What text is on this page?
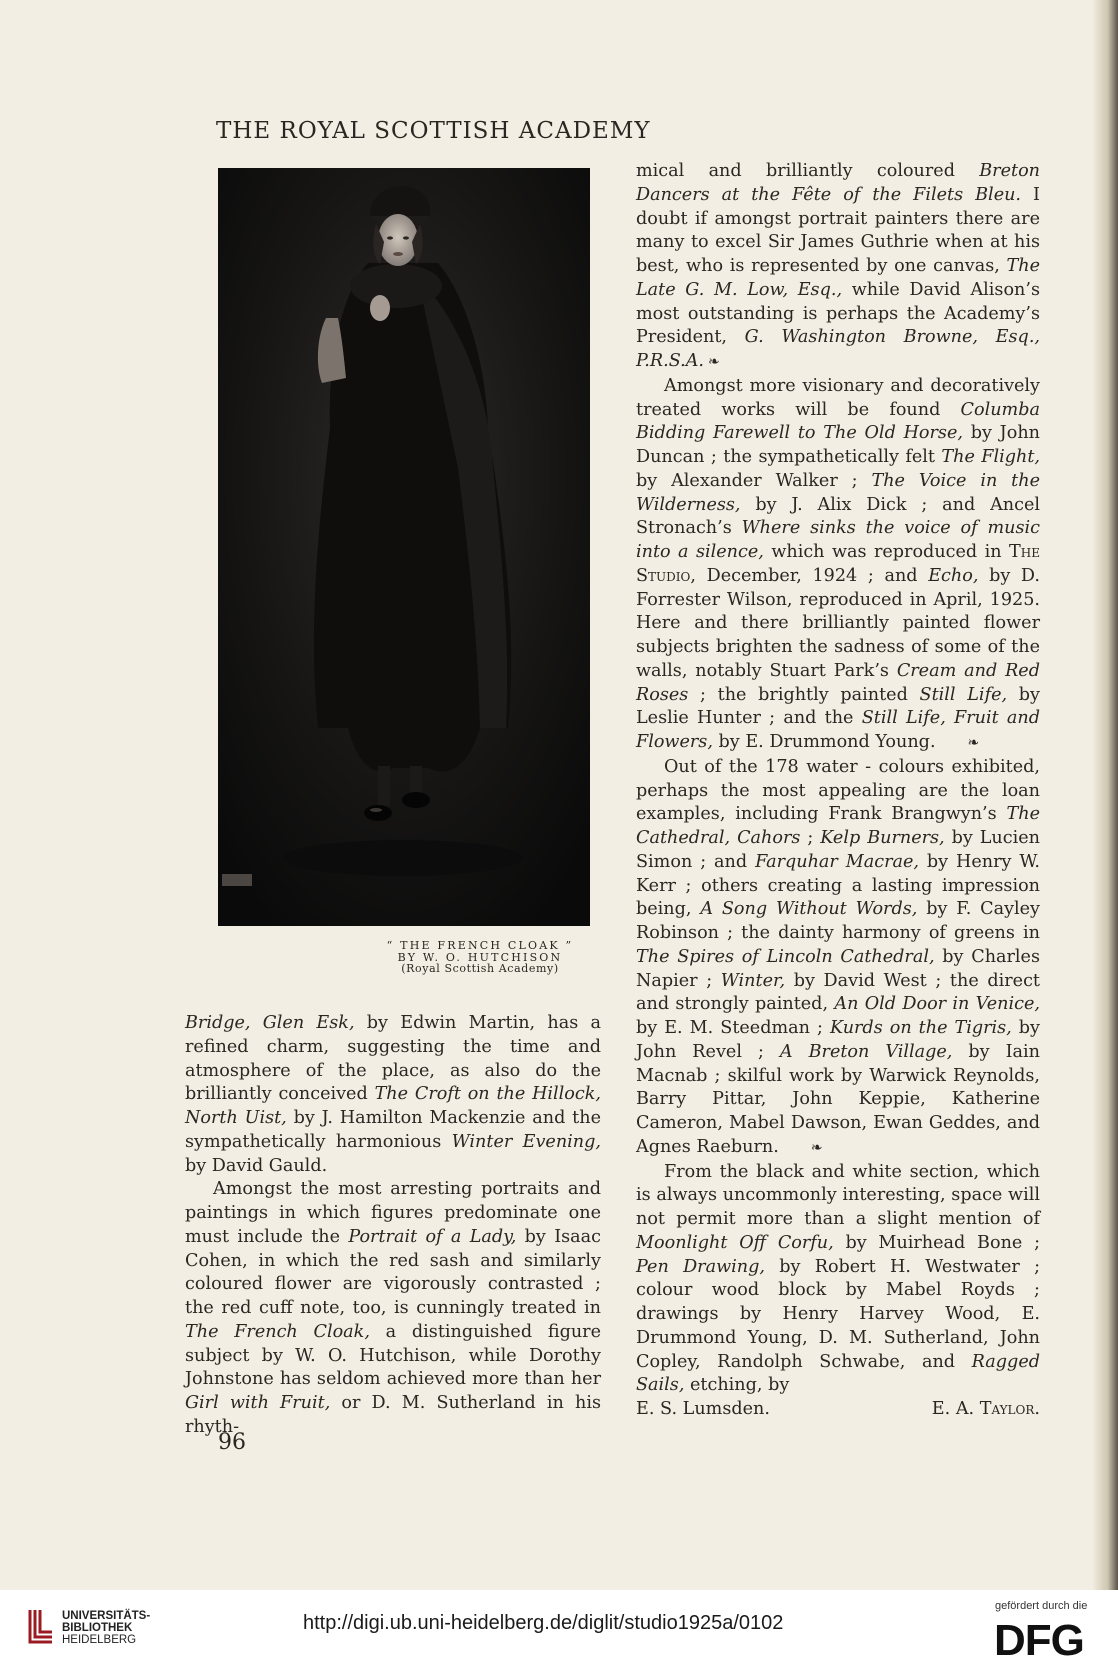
THE ROYAL SCOTTISH ACADEMY
“ THE FRENCH CLOAK ”
BY W. O. HUTCHISON
(Royal Scottish Academy)

Bridge, Glen Esk, by Edwin Martin, has a refined charm, suggesting the time and atmosphere of the place, as also do the brilliantly conceived The Croft on the Hillock, North Uist, by J. Hamilton Mackenzie and the sympathetically harmonious Winter Evening, by David Gauld.

Amongst the most arresting portraits and paintings in which figures predominate one must include the Portrait of a Lady, by Isaac Cohen, in which the red sash and similarly coloured flower are vigorously contrasted ; the red cuff note, too, is cunningly treated in The French Cloak, a distinguished figure subject by W. O. Hutchison, while Dorothy Johnstone has seldom achieved more than her Girl with Fruit, or D. M. Sutherland in his rhyth-

96

mical and brilliantly coloured Breton Dancers at the Fête of the Filets Bleu. I doubt if amongst portrait painters there are many to excel Sir James Guthrie when at his best, who is represented by one canvas, The Late G. M. Low, Esq., while David Alison’s most outstanding is perhaps the Academy’s President, G. Washington Browne, Esq., P.R.S.A. ❧

Amongst more visionary and decoratively treated works will be found Columba Bidding Farewell to The Old Horse, by John Duncan ; the sympathetically felt The Flight, by Alexander Walker ; The Voice in the Wilderness, by J. Alix Dick ; and Ancel Stronach’s Where sinks the voice of music into a silence, which was reproduced in The Studio, December, 1924 ; and Echo, by D. Forrester Wilson, reproduced in April, 1925. Here and there brilliantly painted flower subjects brighten the sadness of some of the walls, notably Stuart Park’s Cream and Red Roses ; the brightly painted Still Life, by Leslie Hunter ; and the Still Life, Fruit and Flowers, by E. Drummond Young. ❧

Out of the 178 water - colours exhibited, perhaps the most appealing are the loan examples, including Frank Brangwyn’s The Cathedral, Cahors ; Kelp Burners, by Lucien Simon ; and Farquhar Macrae, by Henry W. Kerr ; others creating a lasting impression being, A Song Without Words, by F. Cayley Robinson ; the dainty harmony of greens in The Spires of Lincoln Cathedral, by Charles Napier ; Winter, by David West ; the direct and strongly painted, An Old Door in Venice, by E. M. Steedman ; Kurds on the Tigris, by John Revel ; A Breton Village, by Iain Macnab ; skilful work by Warwick Reynolds, Barry Pittar, John Keppie, Katherine Cameron, Mabel Dawson, Ewan Geddes, and Agnes Raeburn. ❧

From the black and white section, which is always uncommonly interesting, space will not permit more than a slight mention of Moonlight Off Corfu, by Muirhead Bone ; Pen Drawing, by Robert H. Westwater ; colour wood block by Mabel Royds ; drawings by Henry Harvey Wood, E. Drummond Young, D. M. Sutherland, John Copley, Randolph Schwabe, and Ragged Sails, etching, by

E. S. Lumsden.	E. A. Taylor.

UNIVERSITÄTS-
BIBLIOTHEK
HEIDELBERG
http://digi.ub.uni-heidelberg.de/diglit/studio1925a/0102
gefördert durch die
DFG
